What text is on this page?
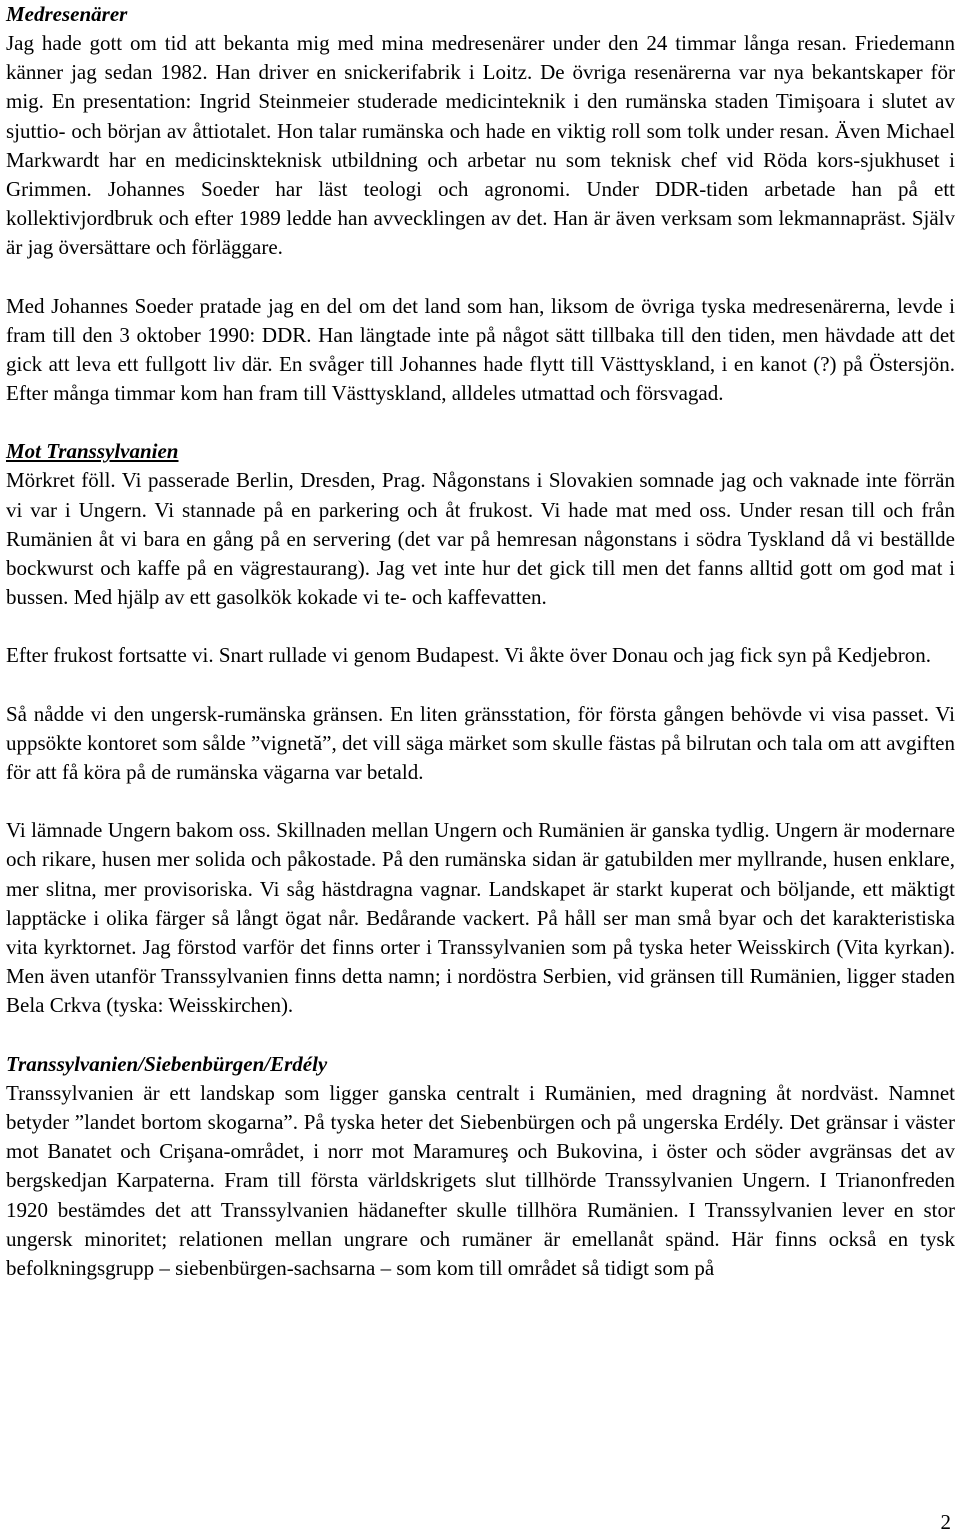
Medresenärer

Jag hade gott om tid att bekanta mig med mina medresenärer under den 24 timmar långa resan. Friedemann känner jag sedan 1982. Han driver en snickerifabrik i Loitz. De övriga resenärerna var nya bekantskaper för mig. En presentation: Ingrid Steinmeier studerade medicinteknik i den rumänska staden Timişoara i slutet av sjuttio- och början av åttiotalet. Hon talar rumänska och hade en viktig roll som tolk under resan. Även Michael Markwardt har en medicinskteknisk utbildning och arbetar nu som teknisk chef vid Röda kors-sjukhuset i Grimmen. Johannes Soeder har läst teologi och agronomi. Under DDR-tiden arbetade han på ett kollektivjordbruk och efter 1989 ledde han avvecklingen av det. Han är även verksam som lekmannapräst. Själv är jag översättare och förläggare.

Med Johannes Soeder pratade jag en del om det land som han, liksom de övriga tyska medresenärerna, levde i fram till den 3 oktober 1990: DDR. Han längtade inte på något sätt tillbaka till den tiden, men hävdade att det gick att leva ett fullgott liv där. En svåger till Johannes hade flytt till Västtyskland, i en kanot (?) på Östersjön. Efter många timmar kom han fram till Västtyskland, alldeles utmattad och försvagad.

Mot Transsylvanien

Mörkret föll. Vi passerade Berlin, Dresden, Prag. Någonstans i Slovakien somnade jag och vaknade inte förrän vi var i Ungern. Vi stannade på en parkering och åt frukost. Vi hade mat med oss. Under resan till och från Rumänien åt vi bara en gång på en servering (det var på hemresan någonstans i södra Tyskland då vi beställde bockwurst och kaffe på en vägrestaurang). Jag vet inte hur det gick till men det fanns alltid gott om god mat i bussen. Med hjälp av ett gasolkök kokade vi te- och kaffevatten.

Efter frukost fortsatte vi. Snart rullade vi genom Budapest. Vi åkte över Donau och jag fick syn på Kedjebron.

Så nådde vi den ungersk-rumänska gränsen. En liten gränsstation, för första gången behövde vi visa passet. Vi uppsökte kontoret som sålde ”vignetă”, det vill säga märket som skulle fästas på bilrutan och tala om att avgiften för att få köra på de rumänska vägarna var betald.

Vi lämnade Ungern bakom oss. Skillnaden mellan Ungern och Rumänien är ganska tydlig. Ungern är modernare och rikare, husen mer solida och påkostade. På den rumänska sidan är gatubilden mer myllrande, husen enklare, mer slitna, mer provisoriska. Vi såg hästdragna vagnar. Landskapet är starkt kuperat och böljande, ett mäktigt lapptäcke i olika färger så långt ögat når. Bedårande vackert. På håll ser man små byar och det karakteristiska vita kyrktornet. Jag förstod varför det finns orter i Transsylvanien som på tyska heter Weisskirch (Vita kyrkan). Men även utanför Transsylvanien finns detta namn; i nordöstra Serbien, vid gränsen till Rumänien, ligger staden Bela Crkva (tyska: Weisskirchen).

Transsylvanien/Siebenbürgen/Erdély

Transsylvanien är ett landskap som ligger ganska centralt i Rumänien, med dragning åt nordväst. Namnet betyder ”landet bortom skogarna”. På tyska heter det Siebenbürgen och på ungerska Erdély. Det gränsar i väster mot Banatet och Crişana-området, i norr mot Maramureş och Bukovina, i öster och söder avgränsas det av bergskedjan Karpaterna. Fram till första världskrigets slut tillhörde Transsylvanien Ungern. I Trianonfreden 1920 bestämdes det att Transsylvanien hädanefter skulle tillhöra Rumänien. I Transsylvanien lever en stor ungersk minoritet; relationen mellan ungrare och rumäner är emellanåt spänd. Här finns också en tysk befolkningsgrupp – siebenbürgen-sachsarna – som kom till området så tidigt som på

2
